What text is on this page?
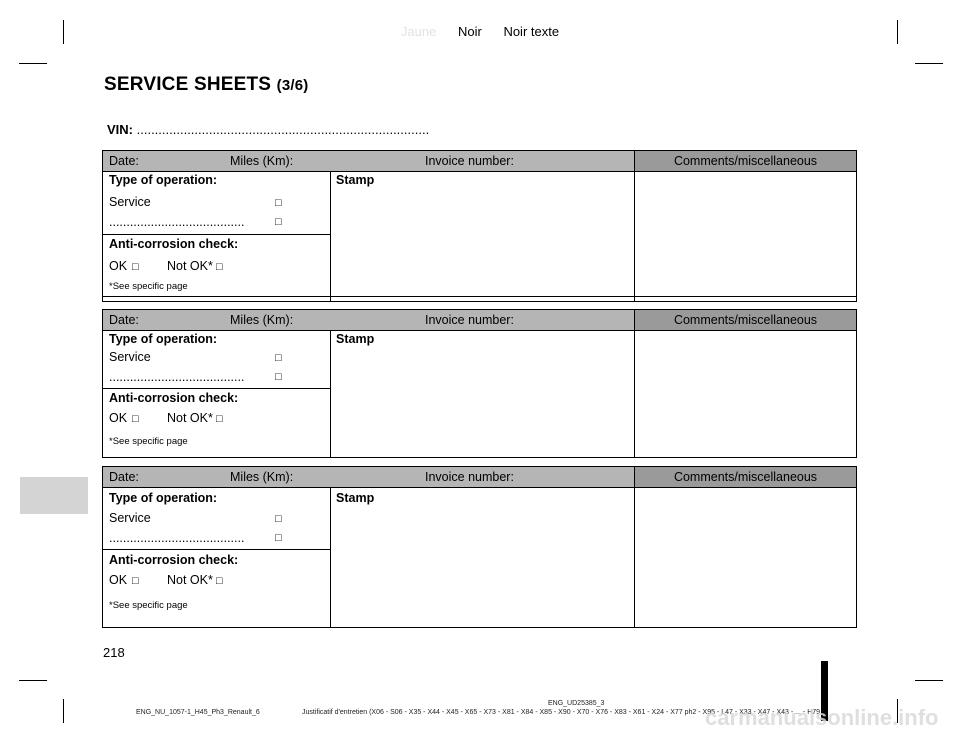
Jaune Noir Noir texte
SERVICE SHEETS (3/6)
VIN: .................................................................................
Date:	Miles (Km):	Invoice number:	Comments/miscellaneous
Type of operation:
Service	□
.......................................	□
Stamp
Anti-corrosion check:
OK □ Not OK* □
*See specific page
Date:	Miles (Km):	Invoice number:	Comments/miscellaneous
Type of operation:
Service	□
.......................................	□
Stamp
Anti-corrosion check:
OK □ Not OK* □
*See specific page
Date:	Miles (Km):	Invoice number:	Comments/miscellaneous
Type of operation:
Service	□
.......................................	□
Stamp
Anti-corrosion check:
OK □ Not OK* □
*See specific page
218
ENG_UD25385_3
ENG_NU_1057-1_H45_Ph3_Renault_6	Justificatif d'entretien (X06 - S06 - X35 - X44 - X45 - X65 - X73 - X81 - X84 - X85 - X90 - X70 - X76 - X83 - X61 - X24 - X77 ph2 - X95 - L47 - X33 - X47 - X43 - ... - H79
carmanualsonline.info
